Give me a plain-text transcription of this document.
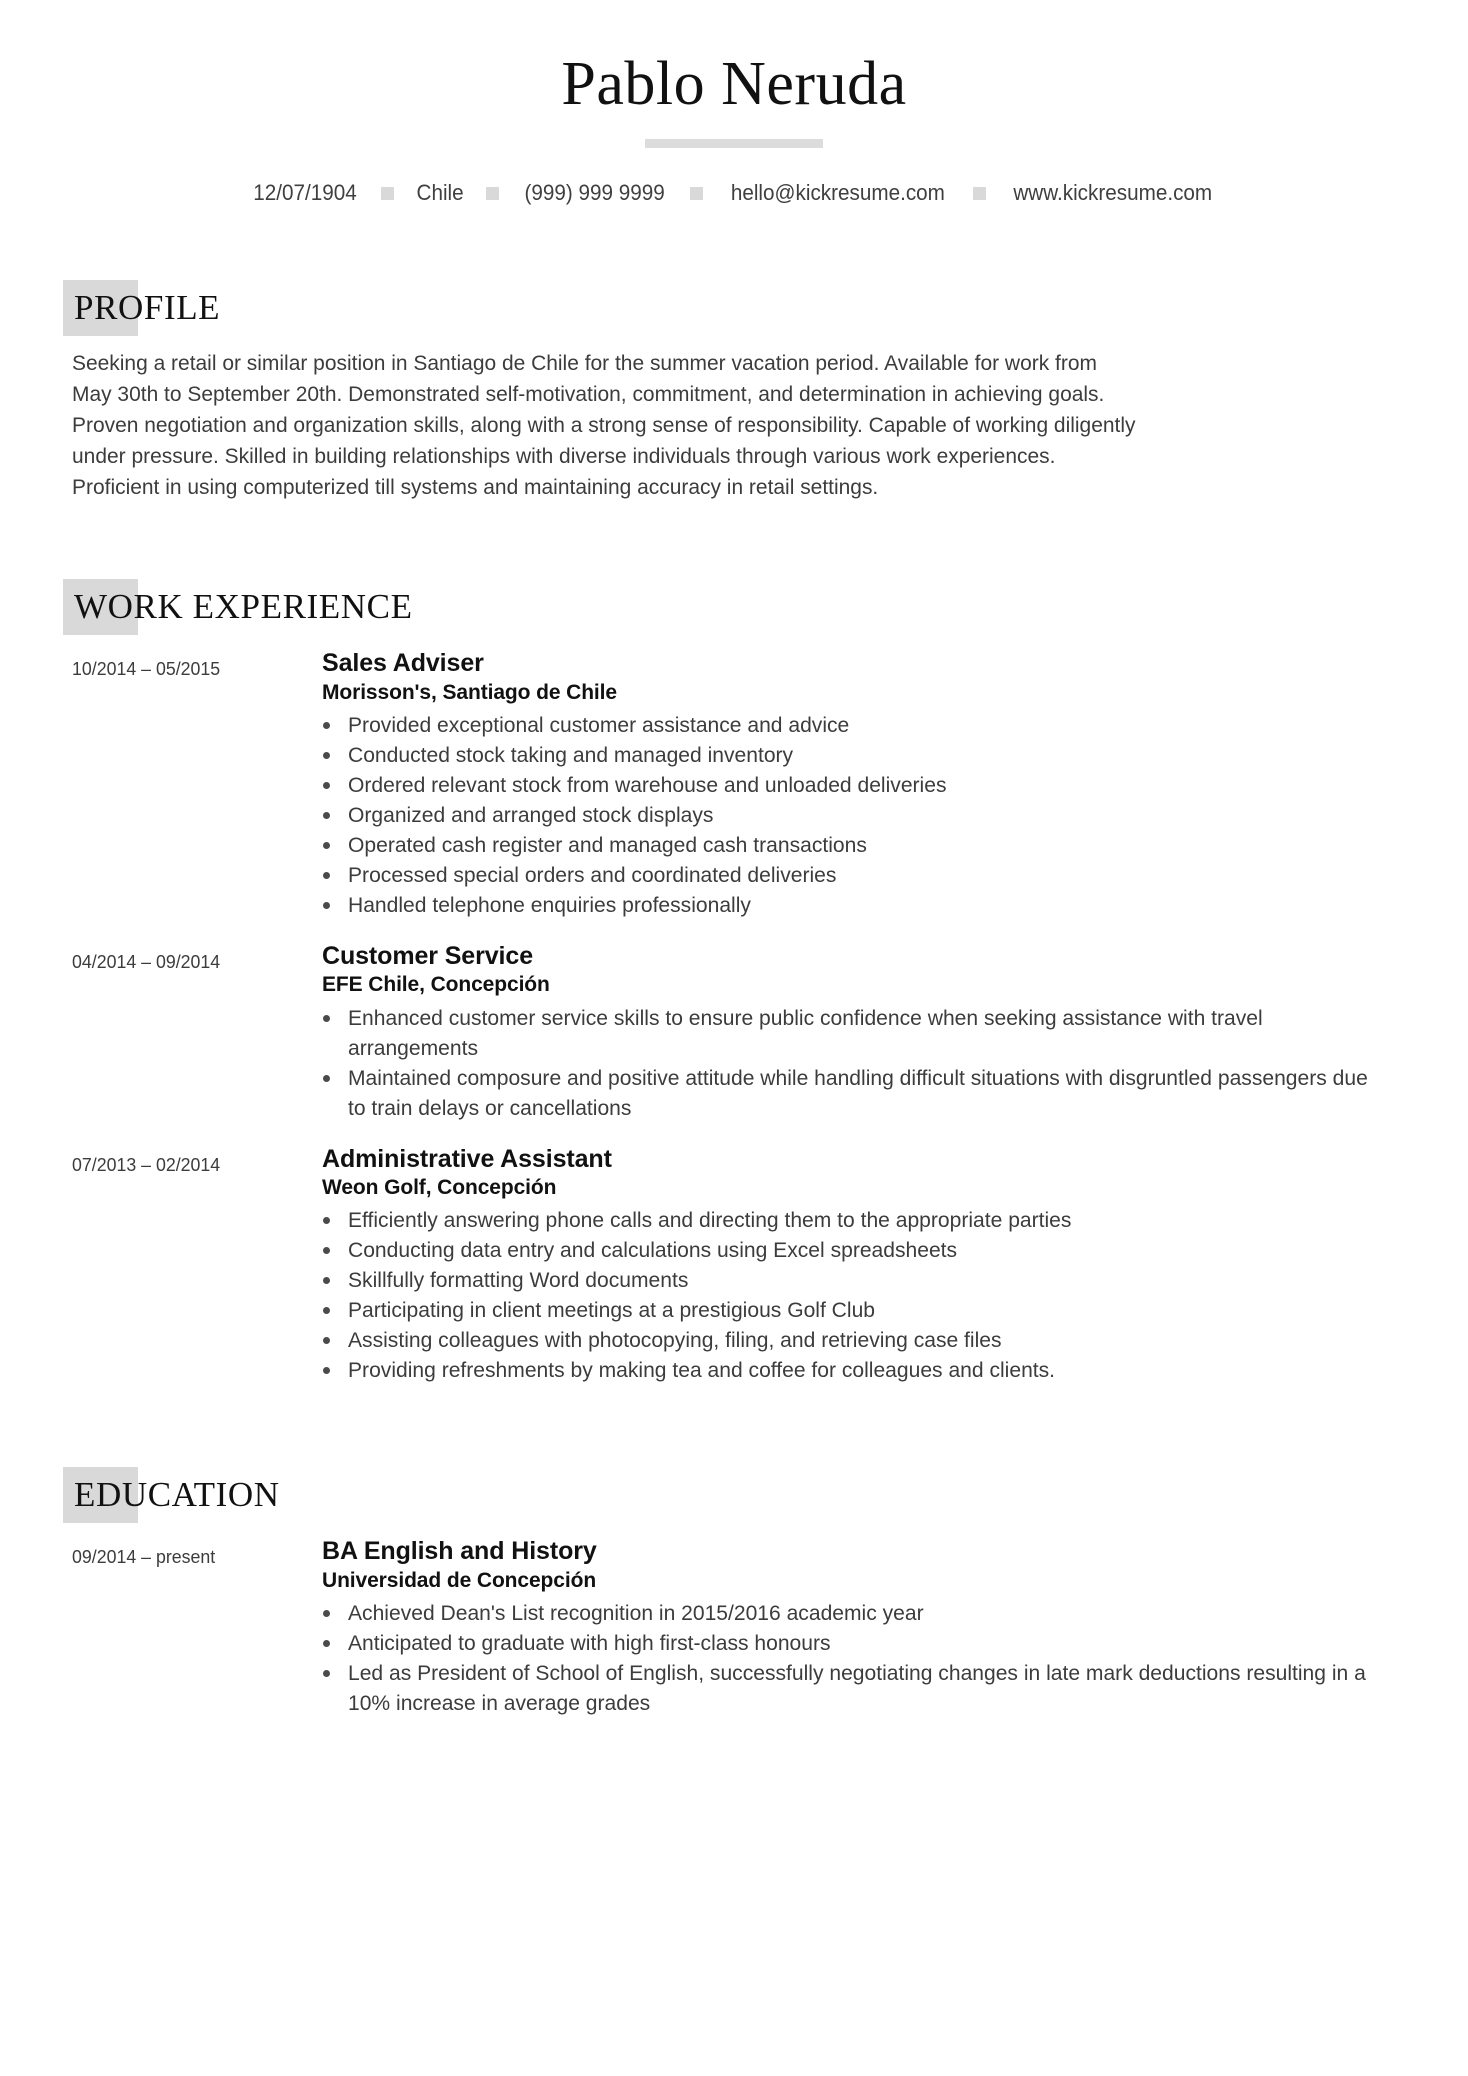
Pablo Neruda
12/07/1904	Chile	(999) 999 9999	hello@kickresume.com	www.kickresume.com
PROFILE

Seeking a retail or similar position in Santiago de Chile for the summer vacation period. Available for work from May 30th to September 20th. Demonstrated self-motivation, commitment, and determination in achieving goals. Proven negotiation and organization skills, along with a strong sense of responsibility. Capable of working diligently under pressure. Skilled in building relationships with diverse individuals through various work experiences. Proficient in using computerized till systems and maintaining accuracy in retail settings.

WORK EXPERIENCE
10/2014 – 05/2015	Sales Adviser
Morisson's, Santiago de Chile
Provided exceptional customer assistance and advice
Conducted stock taking and managed inventory
Ordered relevant stock from warehouse and unloaded deliveries
Organized and arranged stock displays
Operated cash register and managed cash transactions
Processed special orders and coordinated deliveries
Handled telephone enquiries professionally
04/2014 – 09/2014	Customer Service
EFE Chile, Concepción
Enhanced customer service skills to ensure public confidence when seeking assistance with travel arrangements
Maintained composure and positive attitude while handling difficult situations with disgruntled passengers due to train delays or cancellations
07/2013 – 02/2014	Administrative Assistant
Weon Golf, Concepción
Efficiently answering phone calls and directing them to the appropriate parties
Conducting data entry and calculations using Excel spreadsheets
Skillfully formatting Word documents
Participating in client meetings at a prestigious Golf Club
Assisting colleagues with photocopying, filing, and retrieving case files
Providing refreshments by making tea and coffee for colleagues and clients.
EDUCATION
09/2014 – present	BA English and History
Universidad de Concepción
Achieved Dean's List recognition in 2015/2016 academic year
Anticipated to graduate with high first-class honours
Led as President of School of English, successfully negotiating changes in late mark deductions resulting in a 10% increase in average grades
